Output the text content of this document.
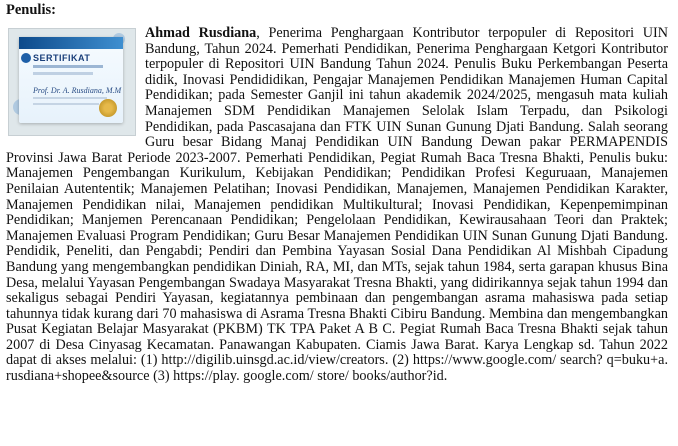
Penulis:
SERTIFIKAT
Prof. Dr. A. Rusdiana, M.M
Ahmad Rusdiana, Penerima Penghargaan Kontributor terpopuler di Repositori UIN Bandung, Tahun 2024. Pemerhati Pendidikan, Penerima Penghargaan Ketgori Kontributor terpopuler di Repositori UIN Bandung Tahun 2024. Penulis Buku Perkembangan Peserta didik, Inovasi Pendididikan, Pengajar Manajemen Pendidikan Manajemen Human Capital Pendidikan; pada Semester Ganjil ini tahun akademik 2024/2025, mengasuh mata kuliah Manajemen SDM Pendidikan Manajemen Selolak Islam Terpadu, dan Psikologi Pendidikan, pada Pascasajana dan FTK UIN Sunan Gunung Djati Bandung. Salah seorang Guru besar Bidang Manaj Pendidikan UIN Bandung Dewan pakar PERMAPENDIS Provinsi Jawa Barat Periode 2023-2007. Pemerhati Pendidikan, Pegiat Rumah Baca Tresna Bhakti, Penulis buku: Manajemen Pengembangan Kurikulum, Kebijakan Pendidikan; Pendidikan Profesi Keguruaan, Manajemen Penilaian Autententik; Manajemen Pelatihan; Inovasi Pendidikan, Manajemen, Manajemen Pendidikan Karakter, Manajemen Pendidikan nilai, Manajemen pendidikan Multikultural; Inovasi Pendidikan, Kepenpemimpinan Pendidikan; Manjemen Perencanaan Pendidikan; Pengelolaan Pendidikan, Kewirausahaan Teori dan Praktek; Manajemen Evaluasi Program Pendidikan; Guru Besar Manajemen Pendidikan UIN Sunan Gunung Djati Bandung. Pendidik, Peneliti, dan Pengabdi; Pendiri dan Pembina Yayasan Sosial Dana Pendidikan Al Mishbah Cipadung Bandung yang mengembangkan pendidikan Diniah, RA, MI, dan MTs, sejak tahun 1984, serta garapan khusus Bina Desa, melalui Yayasan Pengembangan Swadaya Masyarakat Tresna Bhakti, yang didirikannya sejak tahun 1994 dan sekaligus sebagai Pendiri Yayasan, kegiatannya pembinaan dan pengembangan asrama mahasiswa pada setiap tahunnya tidak kurang dari 70 mahasiswa di Asrama Tresna Bhakti Cibiru Bandung. Membina dan mengembangkan Pusat Kegiatan Belajar Masyarakat (PKBM) TK TPA Paket A B C. Pegiat Rumah Baca Tresna Bhakti sejak tahun 2007 di Desa Cinyasag Kecamatan. Panawangan Kabupaten. Ciamis Jawa Barat. Karya Lengkap sd. Tahun 2022 dapat di akses melalui: (1) http://digilib.uinsgd.ac.id/view/creators. (2) https://www.google.com/ search? q=buku+a. rusdiana+shopee&source (3) https://play. google.com/ store/ books/author?id.
